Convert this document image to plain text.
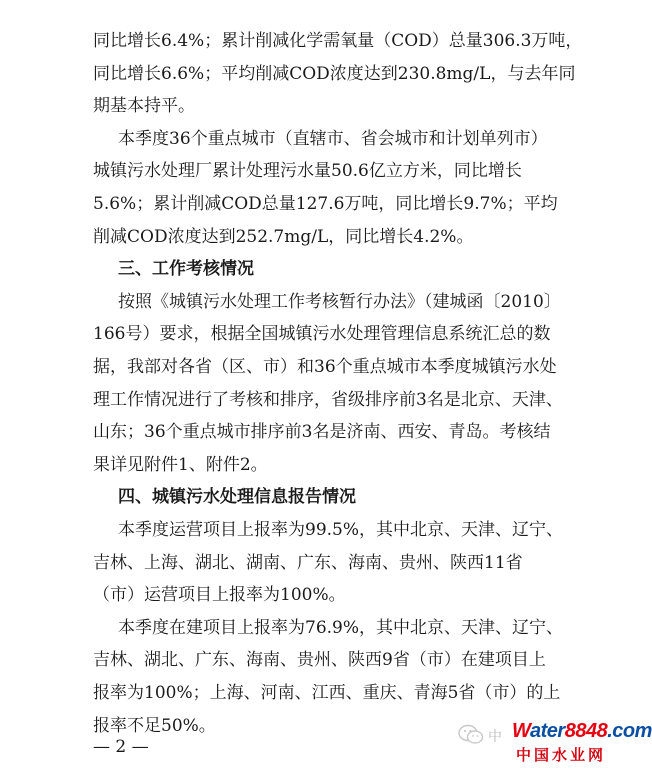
同比增长6.4%；累计削减化学需氧量（COD）总量306.3万吨，
同比增长6.6%；平均削减COD浓度达到230.8mg/L，与去年同
期基本持平。
本季度36个重点城市（直辖市、省会城市和计划单列市）
城镇污水处理厂累计处理污水量50.6亿立方米，同比增长
5.6%；累计削减COD总量127.6万吨，同比增长9.7%；平均
削减COD浓度达到252.7mg/L，同比增长4.2%。
三、工作考核情况
按照《城镇污水处理工作考核暂行办法》（建城函〔2010〕
166号）要求，根据全国城镇污水处理管理信息系统汇总的数
据，我部对各省（区、市）和36个重点城市本季度城镇污水处
理工作情况进行了考核和排序，省级排序前3名是北京、天津、
山东；36个重点城市排序前3名是济南、西安、青岛。考核结
果详见附件1、附件2。
四、城镇污水处理信息报告情况
本季度运营项目上报率为99.5%，其中北京、天津、辽宁、
吉林、上海、湖北、湖南、广东、海南、贵州、陕西11省
（市）运营项目上报率为100%。
本季度在建项目上报率为76.9%，其中北京、天津、辽宁、
吉林、湖北、广东、海南、贵州、陕西9省（市）在建项目上
报率为100%；上海、河南、江西、重庆、青海5省（市）的上
报率不足50%。
— 2 —	中 Water8848.com
中国水业网
